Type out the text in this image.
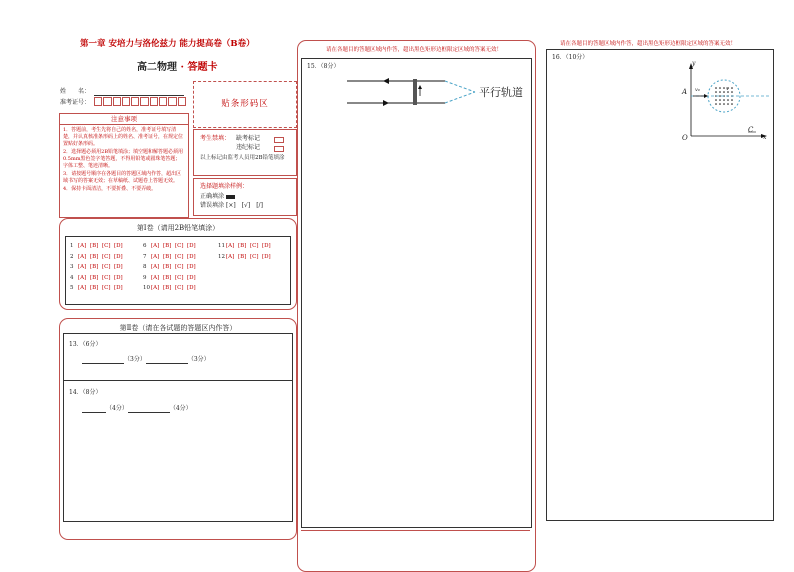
第一章 安培力与洛伦兹力 能力提高卷（B卷）
高二物理 · 答题卡
姓　　名：
准考证号：	贴条形码区
注意事项
1．答题前，考生先将自己的姓名，准考证号填写清楚，并认真核准条形码上的姓名、准考证号，在规定位置贴好条形码。
2．选择题必须用2B铅笔填涂；填空题和解答题必须用0.5mm黑色签字笔答题，不得用铅笔或圆珠笔答题；字体工整、笔迹清晰。
3．请按题号顺序在各题目的答题区域内作答，超出区域书写的答案无效；在草稿纸、试题卷上答题无效。
4．保持卡面清洁，不要折叠、不要弄破。
考生禁填： 缺考标记
违纪标记
以上标记由监考人员用2B铅笔填涂
选择题填涂样例：
正确填涂
错误填涂 [×]　[√]　[/]
第Ⅰ卷（请用2B铅笔填涂）
1 [A] [B] [C] [D]
2 [A] [B] [C] [D]
3 [A] [B] [C] [D]
4 [A] [B] [C] [D]
5 [A] [B] [C] [D]
6 [A] [B] [C] [D]
7 [A] [B] [C] [D]
8 [A] [B] [C] [D]
9 [A] [B] [C] [D]
10[A] [B] [C] [D]
11[A] [B] [C] [D]
12[A] [B] [C] [D]
第Ⅱ卷（请在各试题的答题区内作答）
13．（6分）
（3分）	（3分）
14．（8分）
（4分）	（4分）
请在各题目的答题区域内作答，超出黑色矩形边框限定区域的答案无效！
15．（8分）
平行轨道
请在各题目的答题区域内作答，超出黑色矩形边框限定区域的答案无效！
16．（10分）
y
x
O
A
C
v₀	v
